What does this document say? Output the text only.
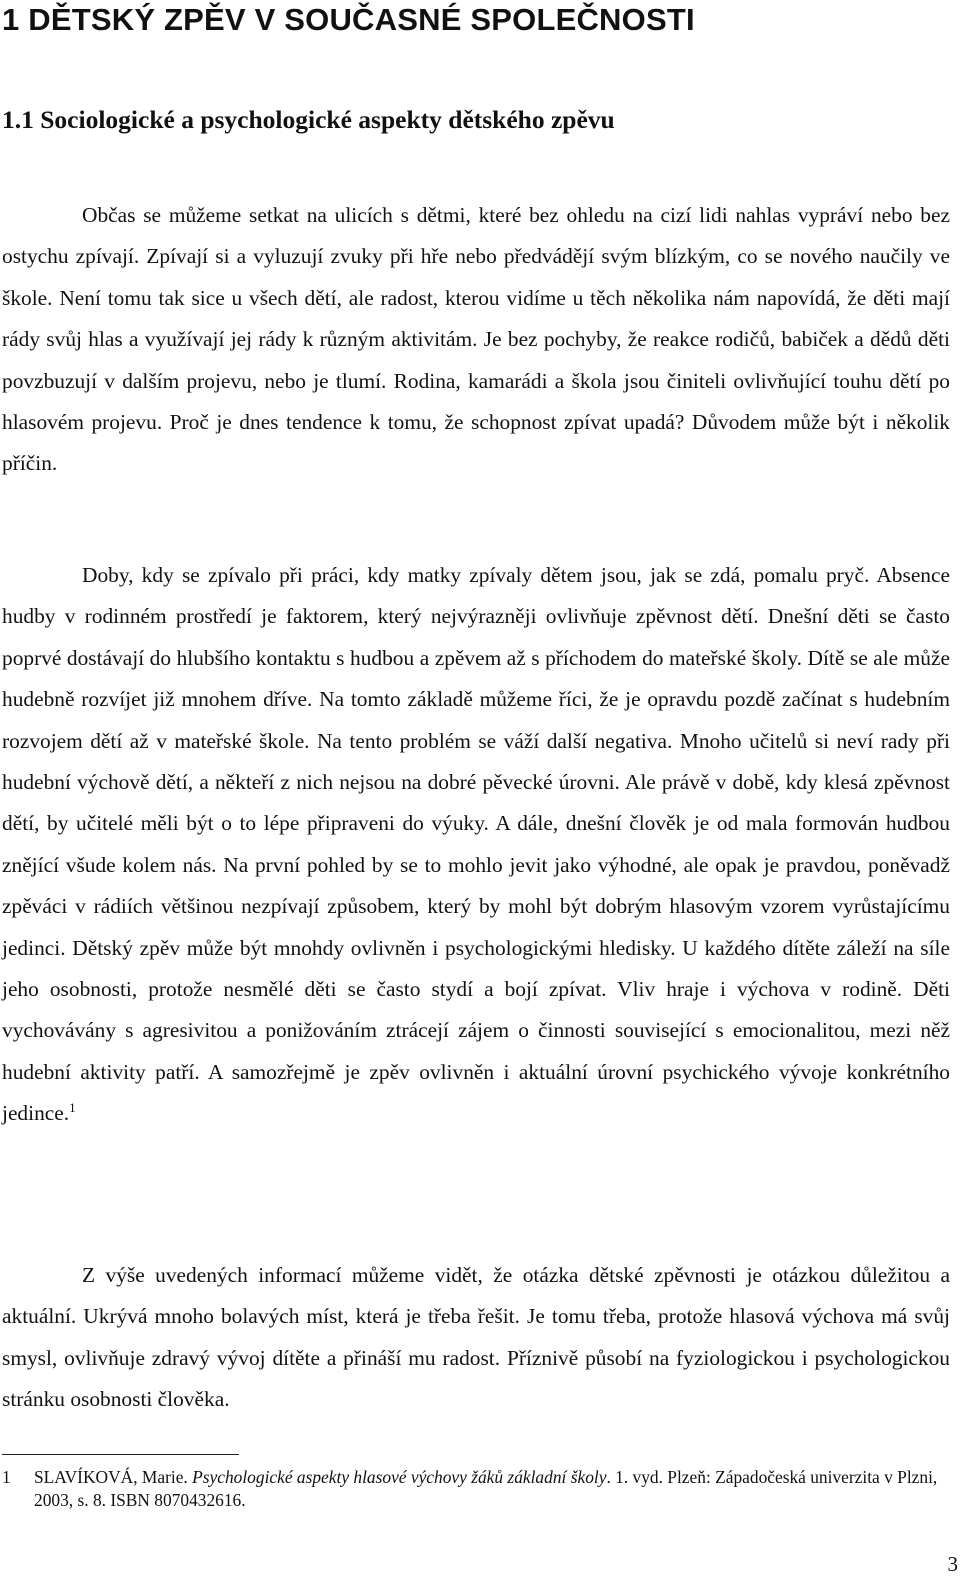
1 DĚTSKÝ ZPĚV V SOUČASNÉ SPOLEČNOSTI
1.1 Sociologické a psychologické aspekty dětského zpěvu

Občas se můžeme setkat na ulicích s dětmi, které bez ohledu na cizí lidi nahlas vypráví nebo bez ostychu zpívají. Zpívají si a vyluzují zvuky při hře nebo předvádějí svým blízkým, co se nového naučily ve škole. Není tomu tak sice u všech dětí, ale radost, kterou vidíme u těch několika nám napovídá, že děti mají rády svůj hlas a využívají jej rády k různým aktivitám. Je bez pochyby, že reakce rodičů, babiček a dědů děti povzbuzují v dalším projevu, nebo je tlumí. Rodina, kamarádi a škola jsou činiteli ovlivňující touhu dětí po hlasovém projevu. Proč je dnes tendence k tomu, že schopnost zpívat upadá? Důvodem může být i několik příčin.

Doby, kdy se zpívalo při práci, kdy matky zpívaly dětem jsou, jak se zdá, pomalu pryč. Absence hudby v rodinném prostředí je faktorem, který nejvýrazněji ovlivňuje zpěvnost dětí. Dnešní děti se často poprvé dostávají do hlubšího kontaktu s hudbou a zpěvem až s příchodem do mateřské školy. Dítě se ale může hudebně rozvíjet již mnohem dříve. Na tomto základě můžeme říci, že je opravdu pozdě začínat s hudebním rozvojem dětí až v mateřské škole. Na tento problém se váží další negativa. Mnoho učitelů si neví rady při hudební výchově dětí, a někteří z nich nejsou na dobré pěvecké úrovni. Ale právě v době, kdy klesá zpěvnost dětí, by učitelé měli být o to lépe připraveni do výuky. A dále, dnešní člověk je od mala formován hudbou znějící všude kolem nás. Na první pohled by se to mohlo jevit jako výhodné, ale opak je pravdou, poněvadž zpěváci v rádiích většinou nezpívají způsobem, který by mohl být dobrým hlasovým vzorem vyrůstajícímu jedinci. Dětský zpěv může být mnohdy ovlivněn i psychologickými hledisky. U každého dítěte záleží na síle jeho osobnosti, protože nesmělé děti se často stydí a bojí zpívat. Vliv hraje i výchova v rodině. Děti vychovávány s agresivitou a ponižováním ztrácejí zájem o činnosti související s emocionalitou, mezi něž hudební aktivity patří. A samozřejmě je zpěv ovlivněn i aktuální úrovní psychického vývoje konkrétního jedince.$^1$

Z výše uvedených informací můžeme vidět, že otázka dětské zpěvnosti je otázkou důležitou a aktuální. Ukrývá mnoho bolavých míst, která je třeba řešit. Je tomu třeba, protože hlasová výchova má svůj smysl, ovlivňuje zdravý vývoj dítěte a přináší mu radost. Příznivě působí na fyziologickou i psychologickou stránku osobnosti člověka.

1 SLAVÍKOVÁ, Marie. Psychologické aspekty hlasové výchovy žáků základní školy. 1. vyd. Plzeň: Západočeská univerzita v Plzni, 2003, s. 8. ISBN 8070432616.
3
